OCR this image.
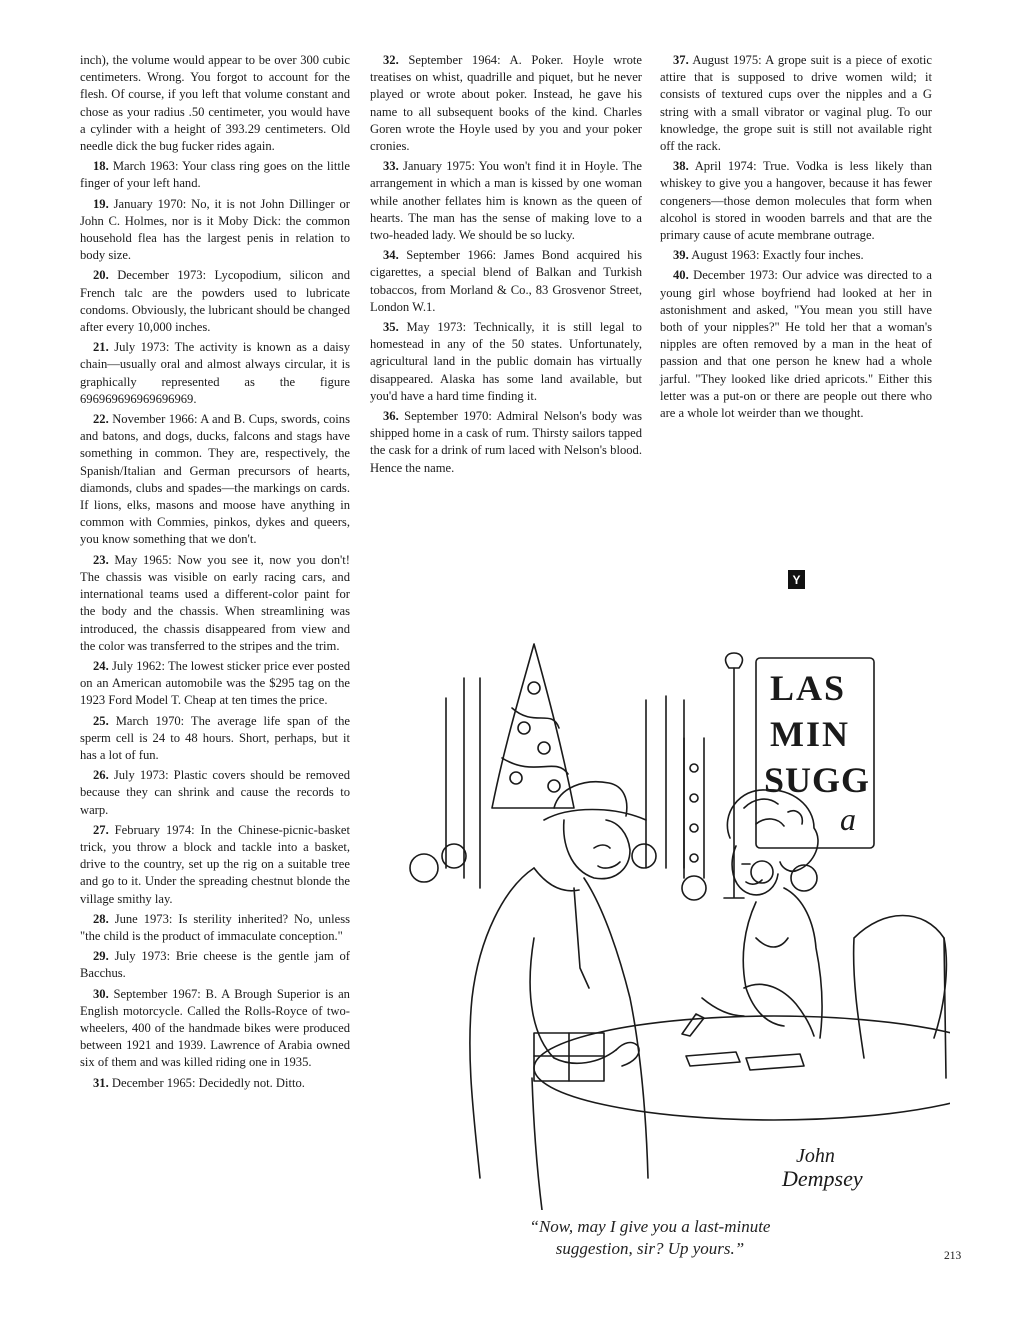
inch), the volume would appear to be over 300 cubic centimeters. Wrong. You forgot to account for the flesh. Of course, if you left that volume constant and chose as your radius .50 centimeter, you would have a cylinder with a height of 393.29 centimeters. Old needle dick the bug fucker rides again.

18. March 1963: Your class ring goes on the little finger of your left hand.

19. January 1970: No, it is not John Dillinger or John C. Holmes, nor is it Moby Dick: the common household flea has the largest penis in relation to body size.

20. December 1973: Lycopodium, silicon and French talc are the powders used to lubricate condoms. Obviously, the lubricant should be changed after every 10,000 inches.

21. July 1973: The activity is known as a daisy chain—usually oral and almost always circular, it is graphically represented as the figure 696969696969696969.

22. November 1966: A and B. Cups, swords, coins and batons, and dogs, ducks, falcons and stags have something in common. They are, respectively, the Spanish/Italian and German precursors of hearts, diamonds, clubs and spades—the markings on cards. If lions, elks, masons and moose have anything in common with Commies, pinkos, dykes and queers, you know something that we don't.

23. May 1965: Now you see it, now you don't! The chassis was visible on early racing cars, and international teams used a different-color paint for the body and the chassis. When streamlining was introduced, the chassis disappeared from view and the color was transferred to the stripes and the trim.

24. July 1962: The lowest sticker price ever posted on an American automobile was the $295 tag on the 1923 Ford Model T. Cheap at ten times the price.

25. March 1970: The average life span of the sperm cell is 24 to 48 hours. Short, perhaps, but it has a lot of fun.

26. July 1973: Plastic covers should be removed because they can shrink and cause the records to warp.

27. February 1974: In the Chinese-picnic-basket trick, you throw a block and tackle into a basket, drive to the country, set up the rig on a suitable tree and go to it. Under the spreading chestnut blonde the village smithy lay.

28. June 1973: Is sterility inherited? No, unless "the child is the product of immaculate conception."

29. July 1973: Brie cheese is the gentle jam of Bacchus.

30. September 1967: B. A Brough Superior is an English motorcycle. Called the Rolls-Royce of two-wheelers, 400 of the handmade bikes were produced between 1921 and 1939. Lawrence of Arabia owned six of them and was killed riding one in 1935.

31. December 1965: Decidedly not. Ditto.

32. September 1964: A. Poker. Hoyle wrote treatises on whist, quadrille and piquet, but he never played or wrote about poker. Instead, he gave his name to all subsequent books of the kind. Charles Goren wrote the Hoyle used by you and your poker cronies.

33. January 1975: You won't find it in Hoyle. The arrangement in which a man is kissed by one woman while another fellates him is known as the queen of hearts. The man has the sense of making love to a two-headed lady. We should be so lucky.

34. September 1966: James Bond acquired his cigarettes, a special blend of Balkan and Turkish tobaccos, from Morland & Co., 83 Grosvenor Street, London W.1.

35. May 1973: Technically, it is still legal to homestead in any of the 50 states. Unfortunately, agricultural land in the public domain has virtually disappeared. Alaska has some land available, but you'd have a hard time finding it.

36. September 1970: Admiral Nelson's body was shipped home in a cask of rum. Thirsty sailors tapped the cask for a drink of rum laced with Nelson's blood. Hence the name.

37. August 1975: A grope suit is a piece of exotic attire that is supposed to drive women wild; it consists of textured cups over the nipples and a G string with a small vibrator or vaginal plug. To our knowledge, the grope suit is still not available right off the rack.

38. April 1974: True. Vodka is less likely than whiskey to give you a hangover, because it has fewer congeners—those demon molecules that form when alcohol is stored in wooden barrels and that are the primary cause of acute membrane outrage.

39. August 1963: Exactly four inches.

40. December 1973: Our advice was directed to a young girl whose boyfriend had looked at her in astonishment and asked, "You mean you still have both of your nipples?" He told her that a woman's nipples are often removed by a man in the heat of passion and that one person he knew had a whole jarful. "They looked like dried apricots." Either this letter was a put-on or there are people out there who are a whole lot weirder than we thought.

Y
LAS
MIN
SUGG
a
John
Dempsey
“Now, may I give you a last-minute
suggestion, sir? Up yours.”	213
